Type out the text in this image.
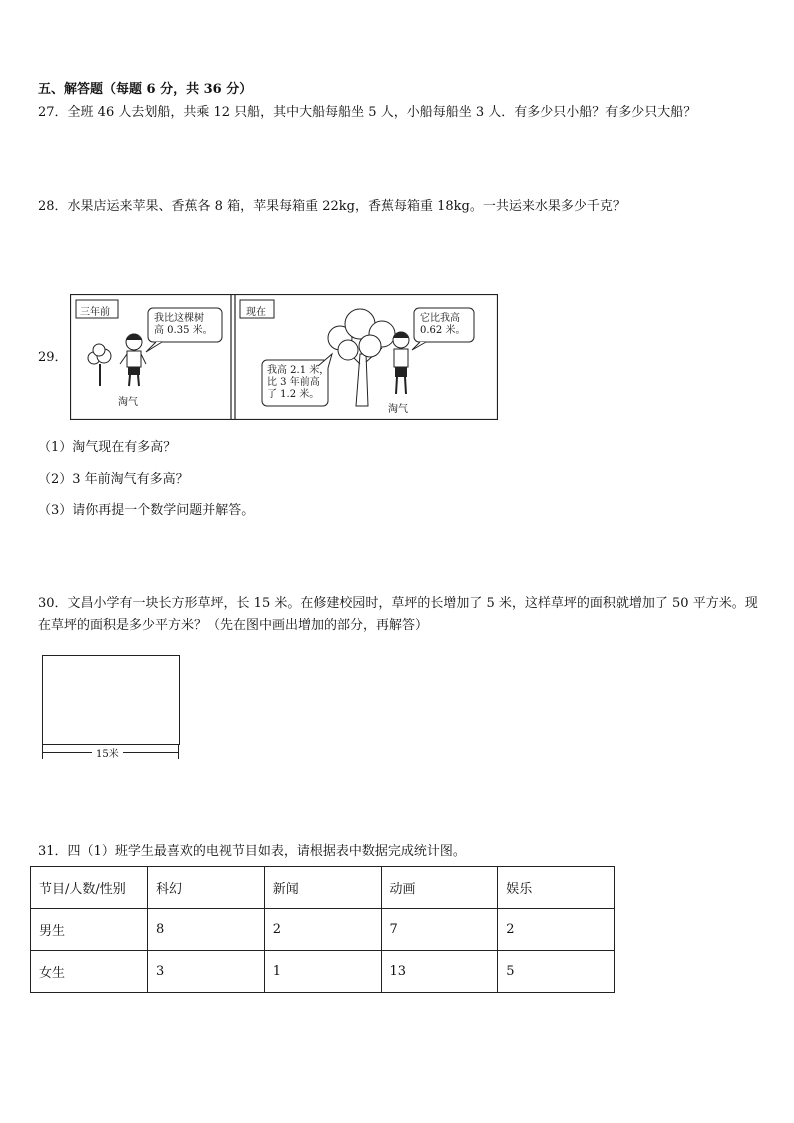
五、解答题（每题 6 分，共 36 分）
27．全班 46 人去划船，共乘 12 只船，其中大船每船坐 5 人，小船每船坐 3 人．有多少只小船？有多少只大船？
28．水果店运来苹果、香蕉各 8 箱，苹果每箱重 22kg，香蕉每箱重 18kg。一共运来水果多少千克？
29．
三年前
我比这棵树
高 0.35 米。
淘气
现在
我高 2.1 米，
比 3 年前高
了 1.2 米。
它比我高
0.62 米。
淘气
（1）淘气现在有多高？
（2）3 年前淘气有多高？
（3）请你再提一个数学问题并解答。
30．文昌小学有一块长方形草坪，长 15 米。在修建校园时，草坪的长增加了 5 米，这样草坪的面积就增加了 50 平方米。现在草坪的面积是多少平方米？（先在图中画出增加的部分，再解答）
15米
31．四（1）班学生最喜欢的电视节目如表，请根据表中数据完成统计图。
节目/人数/性别	科幻	新闻	动画	娱乐
男生	8	2	7	2
女生	3	1	13	5
